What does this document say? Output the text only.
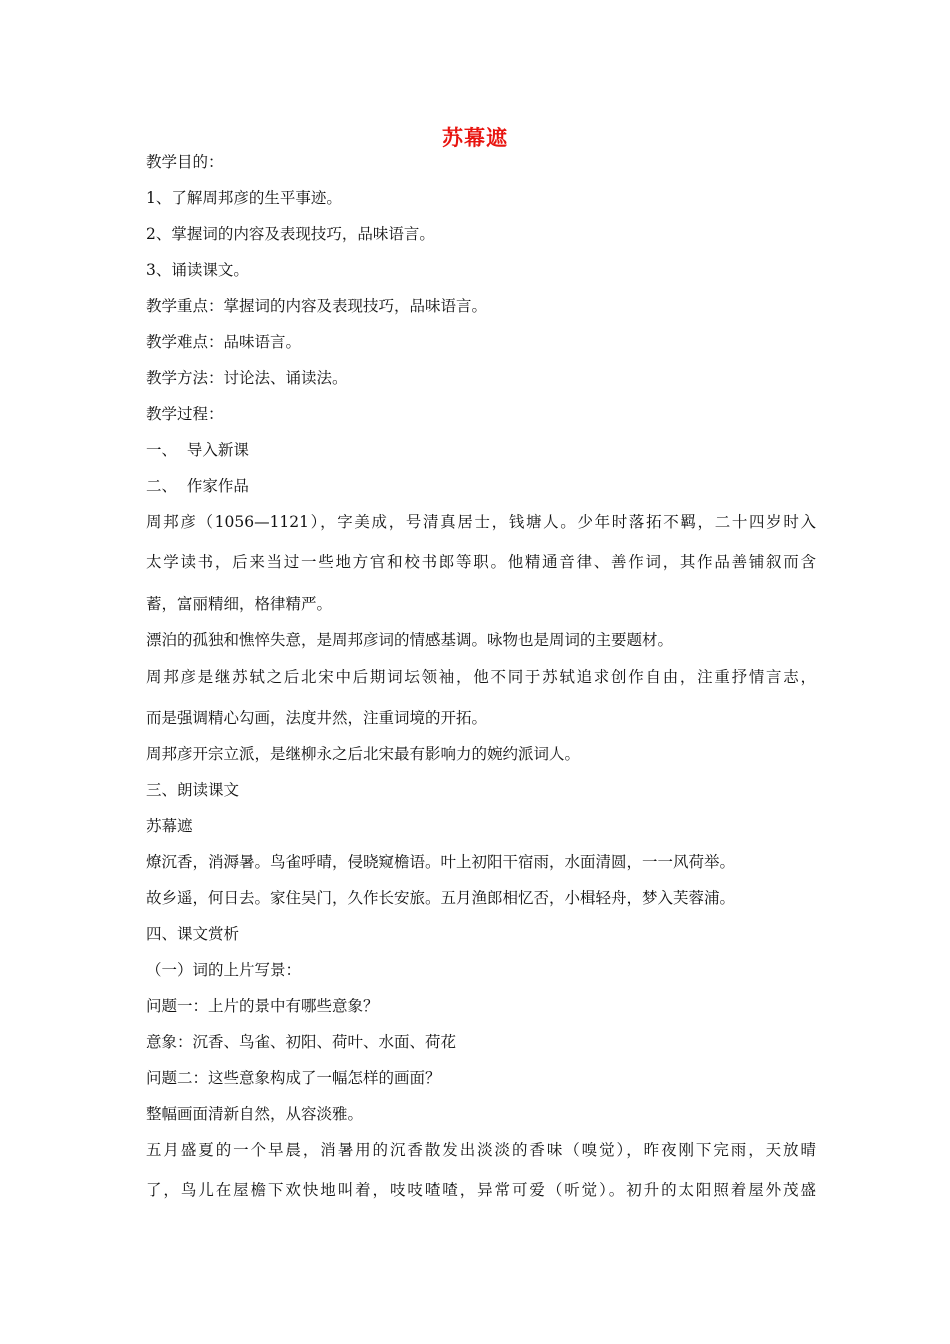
苏幕遮
教学目的：
1、了解周邦彦的生平事迹。
2、掌握词的内容及表现技巧，品味语言。
3、诵读课文。
教学重点：掌握词的内容及表现技巧，品味语言。
教学难点：品味语言。
教学方法：讨论法、诵读法。
教学过程：
一、  导入新课
二、  作家作品
周邦彦（1056—1121），字美成，号清真居士，钱塘人。少年时落拓不羁，二十四岁时入
太学读书，后来当过一些地方官和校书郎等职。他精通音律、善作词，其作品善铺叙而含
蓄，富丽精细，格律精严。
漂泊的孤独和憔悴失意，是周邦彦词的情感基调。咏物也是周词的主要题材。
周邦彦是继苏轼之后北宋中后期词坛领袖，他不同于苏轼追求创作自由，注重抒情言志，
而是强调精心勾画，法度井然，注重词境的开拓。
周邦彦开宗立派，是继柳永之后北宋最有影响力的婉约派词人。
三、朗读课文
苏幕遮
燎沉香，消溽暑。鸟雀呼晴，侵晓窥檐语。叶上初阳干宿雨，水面清圆，一一风荷举。
故乡遥，何日去。家住吴门，久作长安旅。五月渔郎相忆否，小楫轻舟，梦入芙蓉浦。
四、课文赏析
（一）词的上片写景：
问题一：上片的景中有哪些意象？
意象：沉香、鸟雀、初阳、荷叶、水面、荷花
问题二：这些意象构成了一幅怎样的画面？
整幅画面清新自然，从容淡雅。
五月盛夏的一个早晨，消暑用的沉香散发出淡淡的香味（嗅觉），昨夜刚下完雨，天放晴
了，鸟儿在屋檐下欢快地叫着，吱吱喳喳，异常可爱（听觉）。初升的太阳照着屋外茂盛
